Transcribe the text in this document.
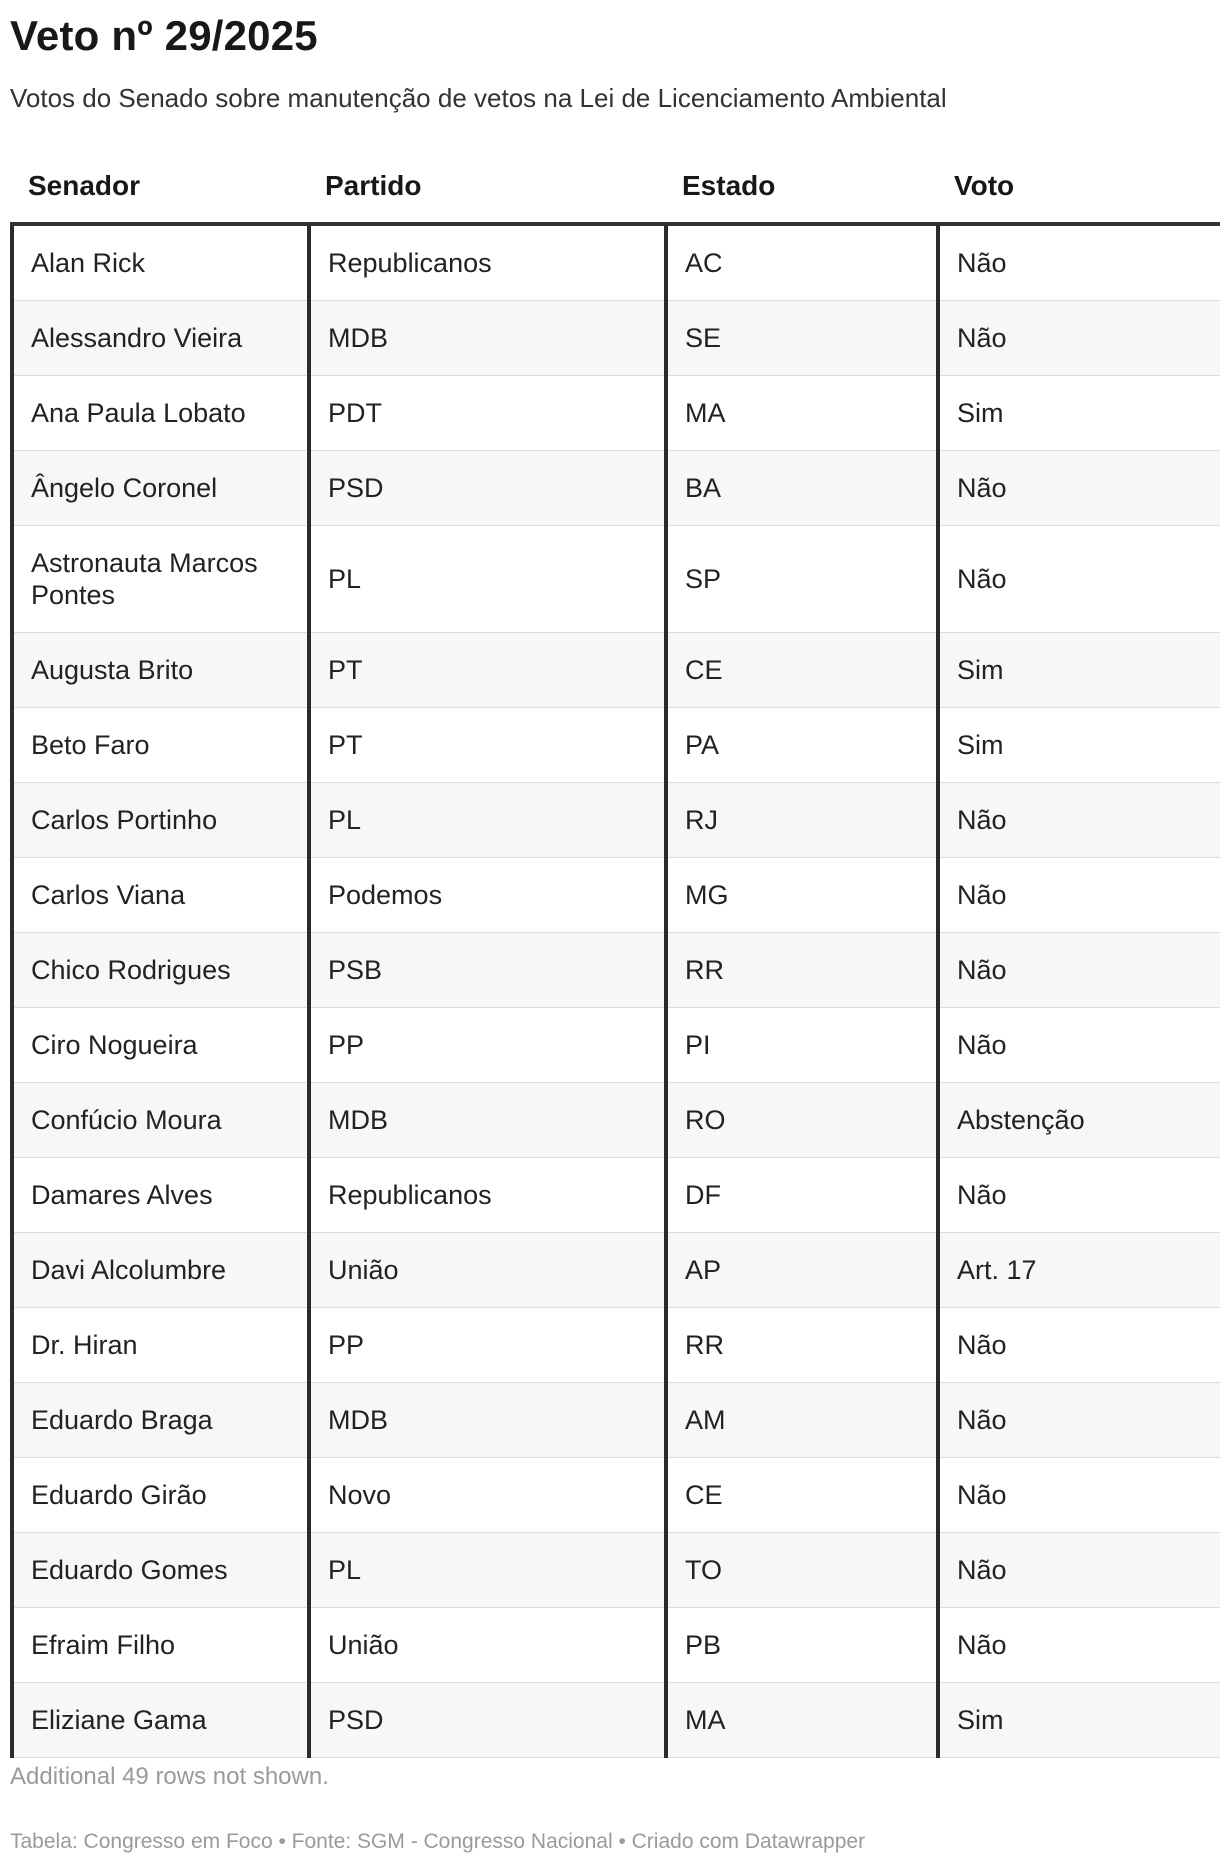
Veto nº 29/2025
Votos do Senado sobre manutenção de vetos na Lei de Licenciamento Ambiental
Senador	Partido	Estado	Voto
Alan Rick	Republicanos	AC	Não
Alessandro Vieira	MDB	SE	Não
Ana Paula Lobato	PDT	MA	Sim
Ângelo Coronel	PSD	BA	Não
Astronauta Marcos Pontes	PL	SP	Não
Augusta Brito	PT	CE	Sim
Beto Faro	PT	PA	Sim
Carlos Portinho	PL	RJ	Não
Carlos Viana	Podemos	MG	Não
Chico Rodrigues	PSB	RR	Não
Ciro Nogueira	PP	PI	Não
Confúcio Moura	MDB	RO	Abstenção
Damares Alves	Republicanos	DF	Não
Davi Alcolumbre	União	AP	Art. 17
Dr. Hiran	PP	RR	Não
Eduardo Braga	MDB	AM	Não
Eduardo Girão	Novo	CE	Não
Eduardo Gomes	PL	TO	Não
Efraim Filho	União	PB	Não
Eliziane Gama	PSD	MA	Sim
Additional 49 rows not shown.
Tabela: Congresso em Foco • Fonte: SGM - Congresso Nacional • Criado com Datawrapper
